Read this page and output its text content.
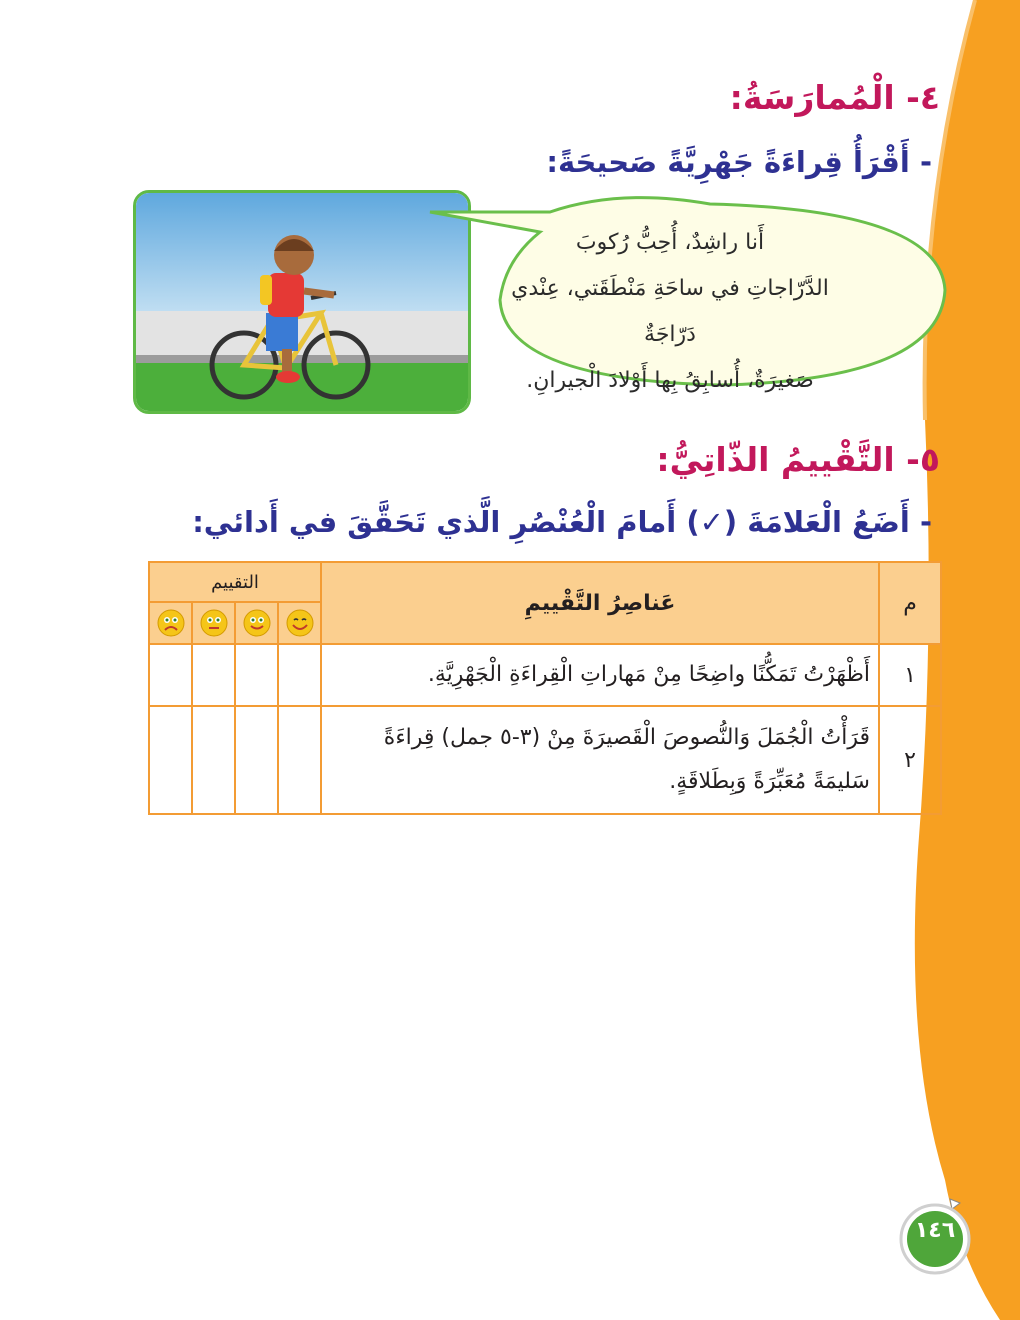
٤- الْمُمارَسَةُ:
- أَقْرَأُ قِراءَةً جَهْرِيَّةً صَحيحَةً:
أَنا راشِدٌ، أُحِبُّ رُكوبَ
الدَّرّاجاتِ في ساحَةِ مَنْطَقَتي، عِنْدي دَرّاجَةٌ
صَغيرَةٌ، أُسابِقُ بِها أَوْلادَ الْجيرانِ.
٥- التَّقْييمُ الذّاتِيُّ:
- أَضَعُ الْعَلامَةَ (✓) أَمامَ الْعُنْصُرِ الَّذي تَحَقَّقَ في أَدائي:
م	عَناصِرُ التَّقْييمِ	التقييم			

١	أَظْهَرْتُ تَمَكُّنًا واضِحًا مِنْ مَهاراتِ الْقِراءَةِ الْجَهْرِيَّةِ.				
٢	قَرَأْتُ الْجُمَلَ وَالنُّصوصَ الْقَصيرَةَ مِنْ (٣-٥ جمل) قِراءَةً سَليمَةً مُعَبِّرَةً وَبِطَلاقَةٍ.				
١٤٦
